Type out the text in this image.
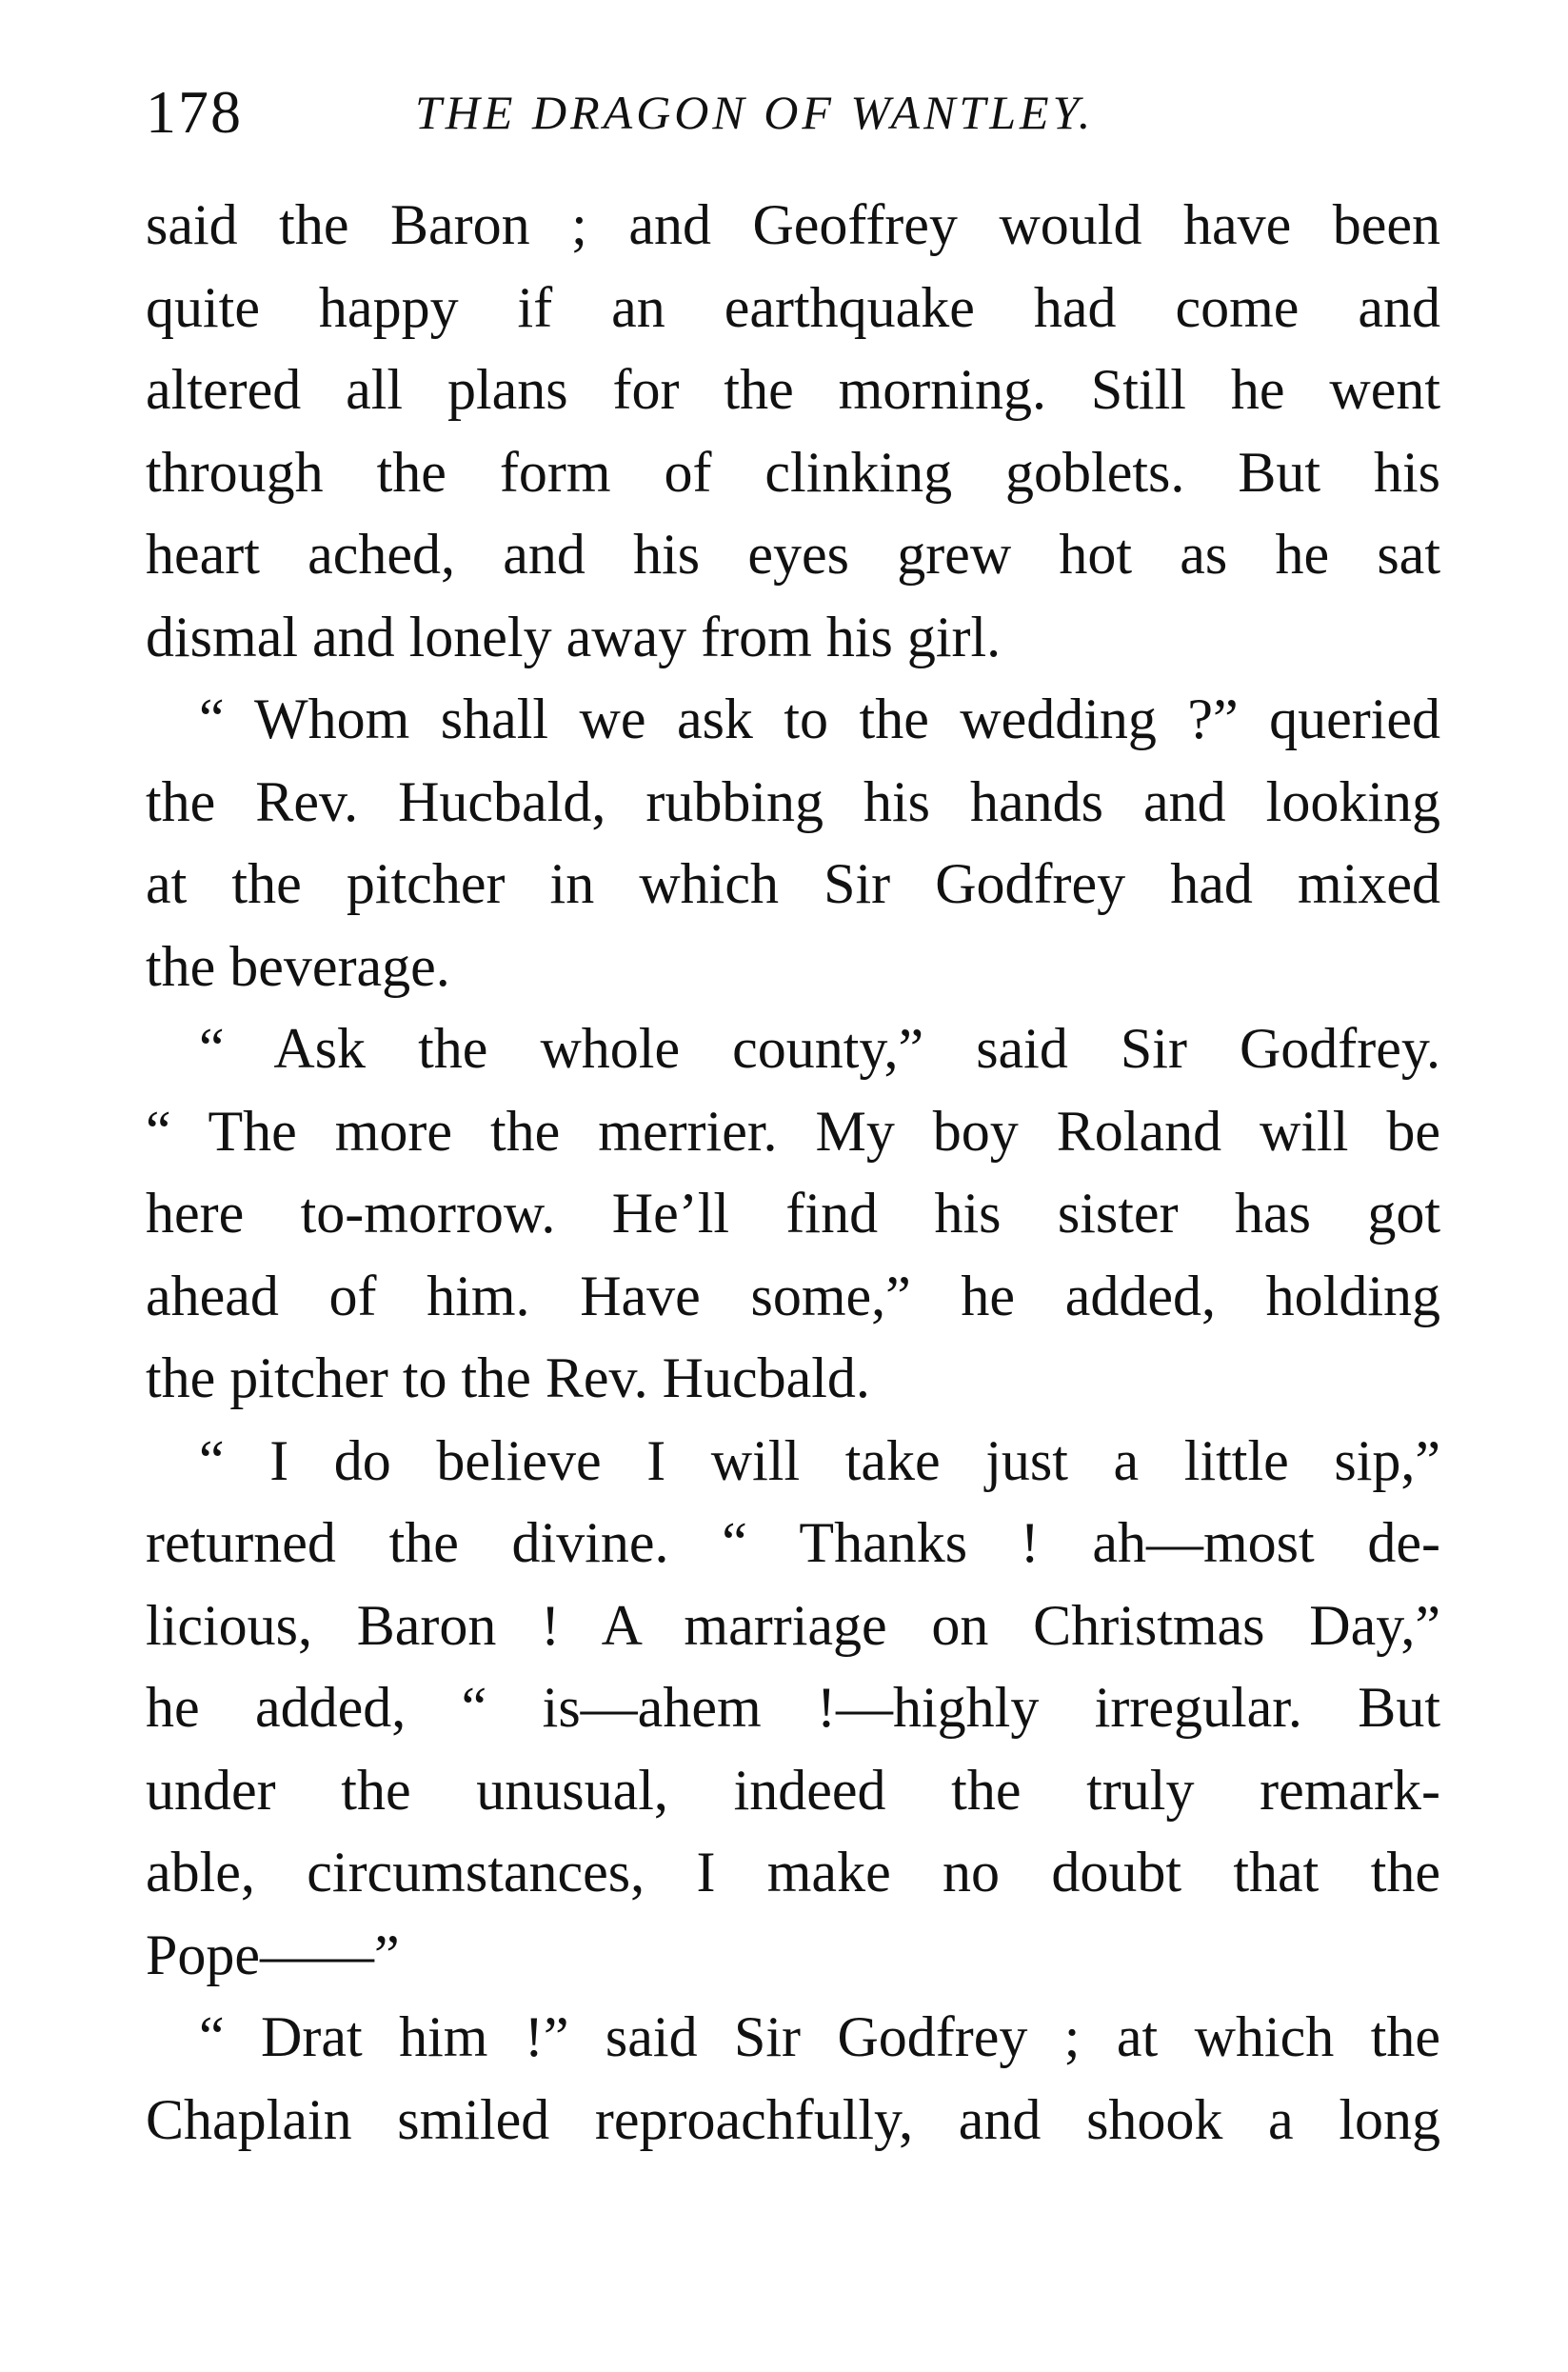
178	THE DRAGON OF WANTLEY.
said the Baron ; and Geoffrey would have been
quite happy if an earthquake had come and
altered all plans for the morning. Still he went
through the form of clinking goblets. But his
heart ached, and his eyes grew hot as he sat
dismal and lonely away from his girl.
“ Whom shall we ask to the wedding ?” queried
the Rev. Hucbald, rubbing his hands and looking
at the pitcher in which Sir Godfrey had mixed
the beverage.
“ Ask the whole county,” said Sir Godfrey.
“ The more the merrier. My boy Roland will be
here to-morrow. He’ll find his sister has got
ahead of him. Have some,” he added, holding
the pitcher to the Rev. Hucbald.
“ I do believe I will take just a little sip,”
returned the divine. “ Thanks ! ah—most de-
licious, Baron ! A marriage on Christmas Day,”
he added, “ is—ahem !—highly irregular. But
under the unusual, indeed the truly remark-
able, circumstances, I make no doubt that the
Pope——”
“ Drat him !” said Sir Godfrey ; at which the
Chaplain smiled reproachfully, and shook a long
